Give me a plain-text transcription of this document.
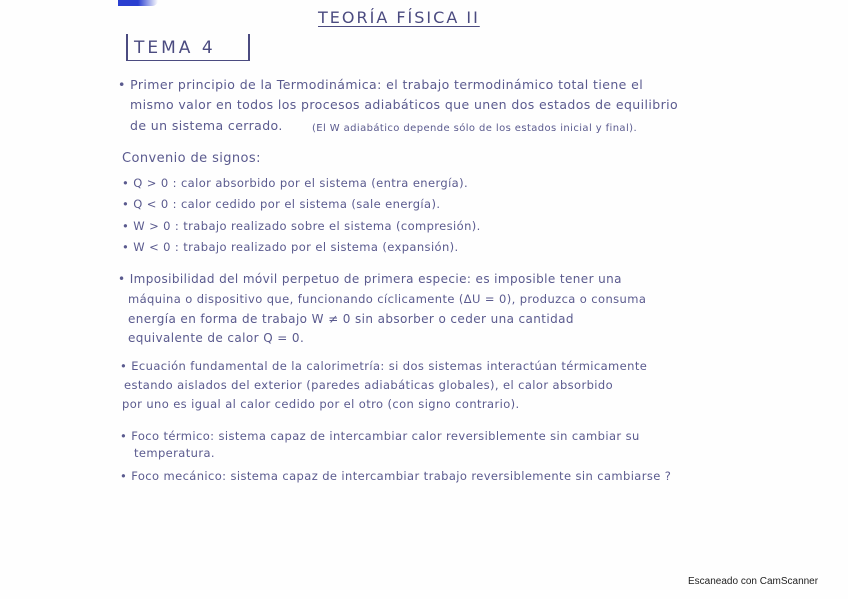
TEORÍA FÍSICA II
TEMA 4
• Primer principio de la Termodinámica: el trabajo termodinámico total tiene el
mismo valor en todos los procesos adiabáticos que unen dos estados de equilibrio
de un sistema cerrado.	(El W adiabático depende sólo de los estados inicial y final).
Convenio de signos:
• Q > 0 : calor absorbido por el sistema (entra energía).
• Q < 0 : calor cedido por el sistema (sale energía).
• W > 0 : trabajo realizado sobre el sistema (compresión).
• W < 0 : trabajo realizado por el sistema (expansión).
• Imposibilidad del móvil perpetuo de primera especie: es imposible tener una
máquina o dispositivo que, funcionando cíclicamente (ΔU = 0), produzca o consuma
energía en forma de trabajo W ≠ 0 sin absorber o ceder una cantidad
equivalente de calor Q = 0.
• Ecuación fundamental de la calorimetría: si dos sistemas interactúan térmicamente
estando aislados del exterior (paredes adiabáticas globales), el calor absorbido
por uno es igual al calor cedido por el otro (con signo contrario).
• Foco térmico: sistema capaz de intercambiar calor reversiblemente sin cambiar su
temperatura.
• Foco mecánico: sistema capaz de intercambiar trabajo reversiblemente sin cambiarse ?
Escaneado con CamScanner
